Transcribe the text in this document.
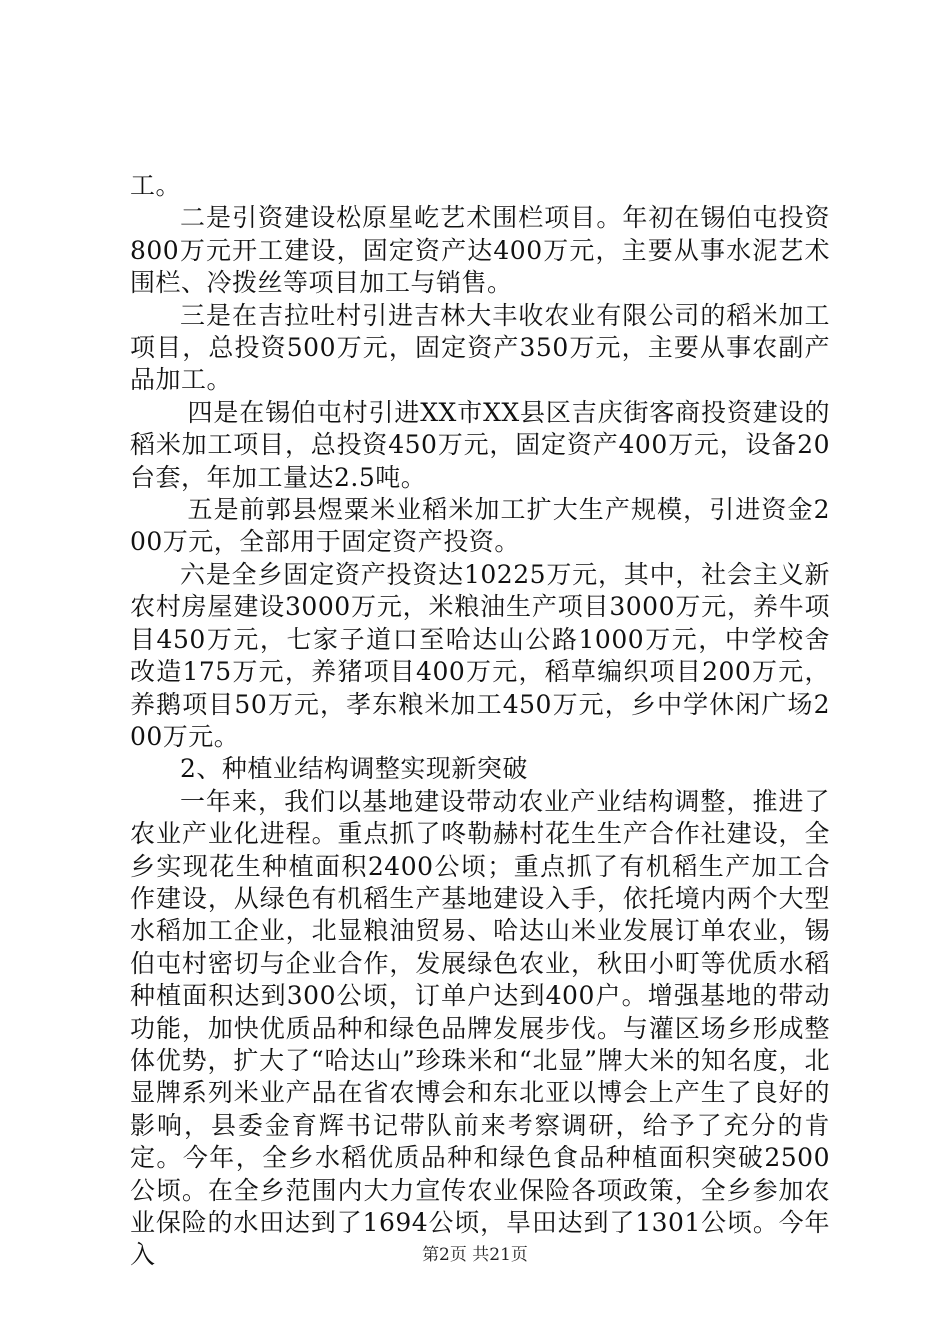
工。

二是引资建设松原星屹艺术围栏项目。年初在锡伯屯投资800万元开工建设，固定资产达400万元，主要从事水泥艺术围栏、冷拨丝等项目加工与销售。

三是在吉拉吐村引进吉林大丰收农业有限公司的稻米加工项目，总投资500万元，固定资产350万元，主要从事农副产品加工。

四是在锡伯屯村引进XX市XX县区吉庆街客商投资建设的稻米加工项目，总投资450万元，固定资产400万元，设备20台套，年加工量达2.5吨。

五是前郭县煜粟米业稻米加工扩大生产规模，引进资金200万元，全部用于固定资产投资。

六是全乡固定资产投资达10225万元，其中，社会主义新农村房屋建设3000万元，米粮油生产项目3000万元，养牛项目450万元，七家子道口至哈达山公路1000万元，中学校舍改造175万元，养猪项目400万元，稻草编织项目200万元，养鹅项目50万元，孝东粮米加工450万元，乡中学休闲广场200万元。

2、种植业结构调整实现新突破

一年来，我们以基地建设带动农业产业结构调整，推进了农业产业化进程。重点抓了咚勒赫村花生生产合作社建设，全乡实现花生种植面积2400公顷；重点抓了有机稻生产加工合作建设，从绿色有机稻生产基地建设入手，依托境内两个大型水稻加工企业，北显粮油贸易、哈达山米业发展订单农业，锡伯屯村密切与企业合作，发展绿色农业，秋田小町等优质水稻种植面积达到300公顷，订单户达到400户。增强基地的带动功能，加快优质品种和绿色品牌发展步伐。与灌区场乡形成整体优势，扩大了“哈达山”珍珠米和“北显”牌大米的知名度，北显牌系列米业产品在省农博会和东北亚以博会上产生了良好的影响，县委金育辉书记带队前来考察调研，给予了充分的肯定。今年，全乡水稻优质品种和绿色食品种植面积突破2500公顷。在全乡范围内大力宣传农业保险各项政策，全乡参加农业保险的水田达到了1694公顷，旱田达到了1301公顷。今年入	第2页 共21页
